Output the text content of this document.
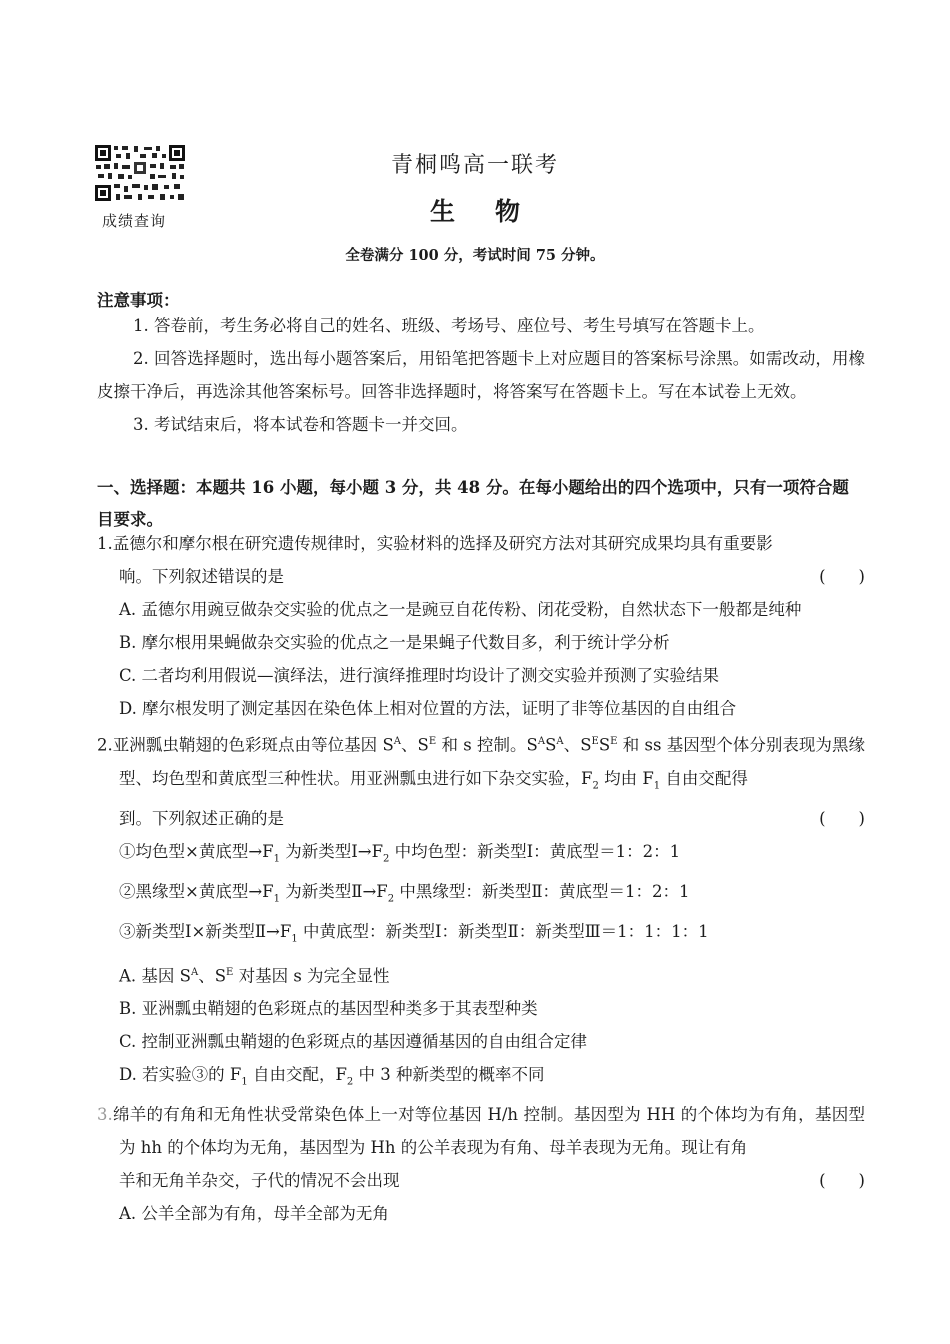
成绩查询
青桐鸣高一联考
生物
全卷满分 100 分，考试时间 75 分钟。
注意事项：
1. 答卷前，考生务必将自己的姓名、班级、考场号、座位号、考生号填写在答题卡上。
2. 回答选择题时，选出每小题答案后，用铅笔把答题卡上对应题目的答案标号涂黑。如需改动，用橡皮擦干净后，再选涂其他答案标号。回答非选择题时，将答案写在答题卡上。写在本试卷上无效。
3. 考试结束后，将本试卷和答题卡一并交回。
一、选择题：本题共 16 小题，每小题 3 分，共 48 分。在每小题给出的四个选项中，只有一项符合题目要求。
1.孟德尔和摩尔根在研究遗传规律时，实验材料的选择及研究方法对其研究成果均具有重要影
响。下列叙述错误的是	(　　)
A. 孟德尔用豌豆做杂交实验的优点之一是豌豆自花传粉、闭花受粉，自然状态下一般都是纯种
B. 摩尔根用果蝇做杂交实验的优点之一是果蝇子代数目多，利于统计学分析
C. 二者均利用假说—演绎法，进行演绎推理时均设计了测交实验并预测了实验结果
D. 摩尔根发明了测定基因在染色体上相对位置的方法，证明了非等位基因的自由组合
2.亚洲瓢虫鞘翅的色彩斑点由等位基因 $S^A$、$S^E$ 和 s 控制。$S^AS^A$、$S^ES^E$ 和 ss 基因型个体分别表现为黑缘型、均色型和黄底型三种性状。用亚洲瓢虫进行如下杂交实验，$F_2$ 均由 $F_1$ 自由交配得
到。下列叙述正确的是	(　　)
①均色型×黄底型$\to F_1$ 为新类型$Ⅰ\to F_2$ 中均色型：新类型Ⅰ：黄底型＝1：2：1
②黑缘型×黄底型$\to F_1$ 为新类型$Ⅱ\to F_2$ 中黑缘型：新类型Ⅱ：黄底型＝1：2：1
③新类型Ⅰ×新类型$Ⅱ\to F_1$ 中黄底型：新类型Ⅰ：新类型Ⅱ：新类型Ⅲ＝1：1：1：1
A. 基因 $S^A$、$S^E$ 对基因 s 为完全显性
B. 亚洲瓢虫鞘翅的色彩斑点的基因型种类多于其表型种类
C. 控制亚洲瓢虫鞘翅的色彩斑点的基因遵循基因的自由组合定律
D. 若实验③的 $F_1$ 自由交配，$F_2$ 中 3 种新类型的概率不同
3.绵羊的有角和无角性状受常染色体上一对等位基因 H/h 控制。基因型为 HH 的个体均为有角，基因型为 hh 的个体均为无角，基因型为 Hh 的公羊表现为有角、母羊表现为无角。现让有角
羊和无角羊杂交，子代的情况不会出现	(　　)
A. 公羊全部为有角，母羊全部为无角
